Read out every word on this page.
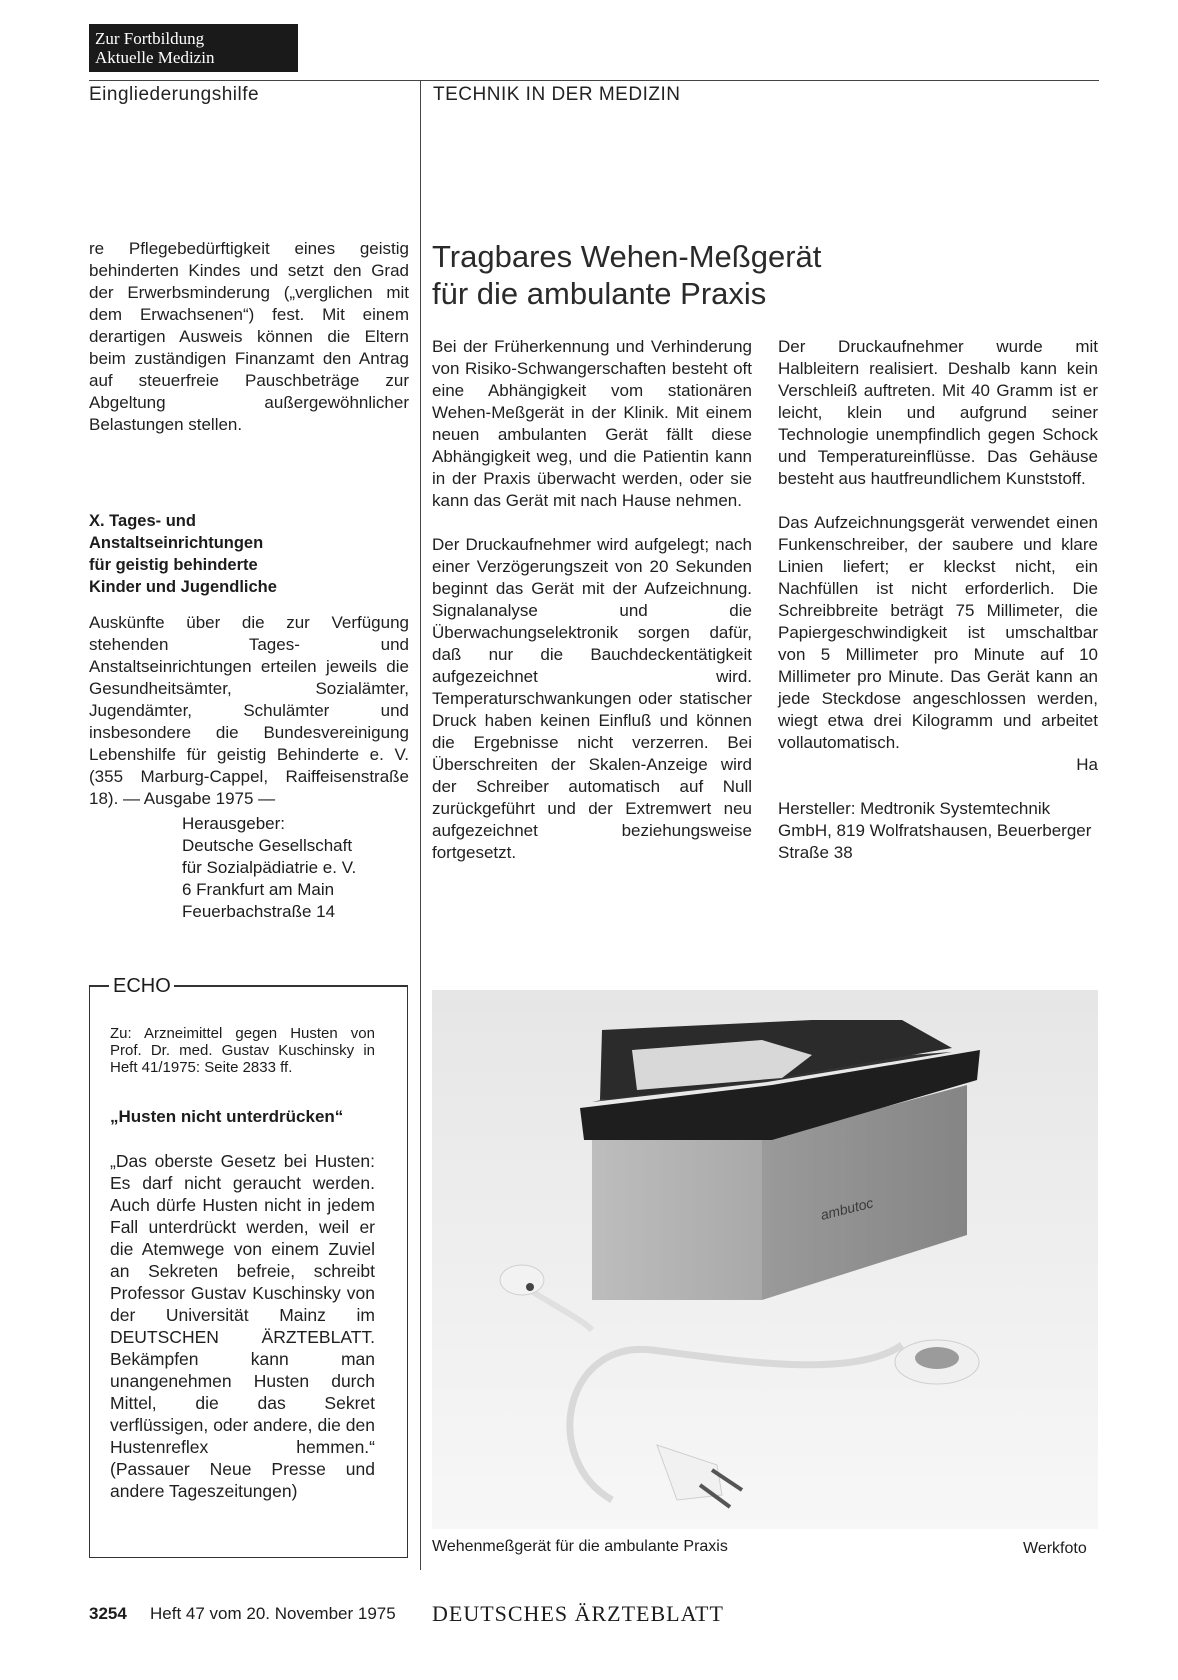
Zur Fortbildung
Aktuelle Medizin
Eingliederungshilfe	TECHNIK IN DER MEDIZIN
re Pflegebedürftigkeit eines geistig behinderten Kindes und setzt den Grad der Erwerbsminderung („verglichen mit dem Erwachsenen“) fest. Mit einem derartigen Ausweis können die Eltern beim zuständigen Finanzamt den Antrag auf steuerfreie Pauschbeträge zur Abgeltung außergewöhnlicher Belastungen stellen.
X. Tages- und
Anstaltseinrichtungen
für geistig behinderte
Kinder und Jugendliche
Auskünfte über die zur Verfügung stehenden Tages- und Anstaltseinrichtungen erteilen jeweils die Gesundheitsämter, Sozialämter, Jugendämter, Schulämter und insbesondere die Bundesvereinigung Lebenshilfe für geistig Behinderte e. V. (355 Marburg-Cappel, Raiffeisenstraße 18). — Ausgabe 1975 —
Herausgeber:
Deutsche Gesellschaft
für Sozialpädiatrie e. V.
6 Frankfurt am Main
Feuerbachstraße 14
ECHO
Zu: Arzneimittel gegen Husten von Prof. Dr. med. Gustav Kuschinsky in Heft 41/1975: Seite 2833 ff.
„Husten nicht unterdrücken“
„Das oberste Gesetz bei Husten: Es darf nicht geraucht werden. Auch dürfe Husten nicht in jedem Fall unterdrückt werden, weil er die Atemwege von einem Zuviel an Sekreten befreie, schreibt Professor Gustav Kuschinsky von der Universität Mainz im DEUTSCHEN ÄRZTEBLATT. Bekämpfen kann man unangenehmen Husten durch Mittel, die das Sekret verflüssigen, oder andere, die den Hustenreflex hemmen.“ (Passauer Neue Presse und andere Tageszeitungen)
Tragbares Wehen-Meßgerät
für die ambulante Praxis

Bei der Früherkennung und Verhinderung von Risiko-Schwangerschaften besteht oft eine Abhängigkeit vom stationären Wehen-Meßgerät in der Klinik. Mit einem neuen ambulanten Gerät fällt diese Abhängigkeit weg, und die Patientin kann in der Praxis überwacht werden, oder sie kann das Gerät mit nach Hause nehmen.

Der Druckaufnehmer wird aufgelegt; nach einer Verzögerungszeit von 20 Sekunden beginnt das Gerät mit der Aufzeichnung. Signalanalyse und die Überwachungselektronik sorgen dafür, daß nur die Bauchdeckentätigkeit aufgezeichnet wird. Temperaturschwankungen oder statischer Druck haben keinen Einfluß und können die Ergebnisse nicht verzerren. Bei Überschreiten der Skalen-Anzeige wird der Schreiber automatisch auf Null zurückgeführt und der Extremwert neu aufgezeichnet beziehungsweise fortgesetzt.

Der Druckaufnehmer wurde mit Halbleitern realisiert. Deshalb kann kein Verschleiß auftreten. Mit 40 Gramm ist er leicht, klein und aufgrund seiner Technologie unempfindlich gegen Schock und Temperatureinflüsse. Das Gehäuse besteht aus hautfreundlichem Kunststoff.

Das Aufzeichnungsgerät verwendet einen Funkenschreiber, der saubere und klare Linien liefert; er kleckst nicht, ein Nachfüllen ist nicht erforderlich. Die Schreibbreite beträgt 75 Millimeter, die Papiergeschwindigkeit ist umschaltbar von 5 Millimeter pro Minute auf 10 Millimeter pro Minute. Das Gerät kann an jede Steckdose angeschlossen werden, wiegt etwa drei Kilogramm und arbeitet vollautomatisch.

Ha
Hersteller: Medtronik Systemtechnik GmbH, 819 Wolfratshausen, Beuerberger Straße 38
ambutoc
Wehenmeßgerät für die ambulante Praxis	Werkfoto
3254 Heft 47 vom 20. November 1975 DEUTSCHES ÄRZTEBLATT
